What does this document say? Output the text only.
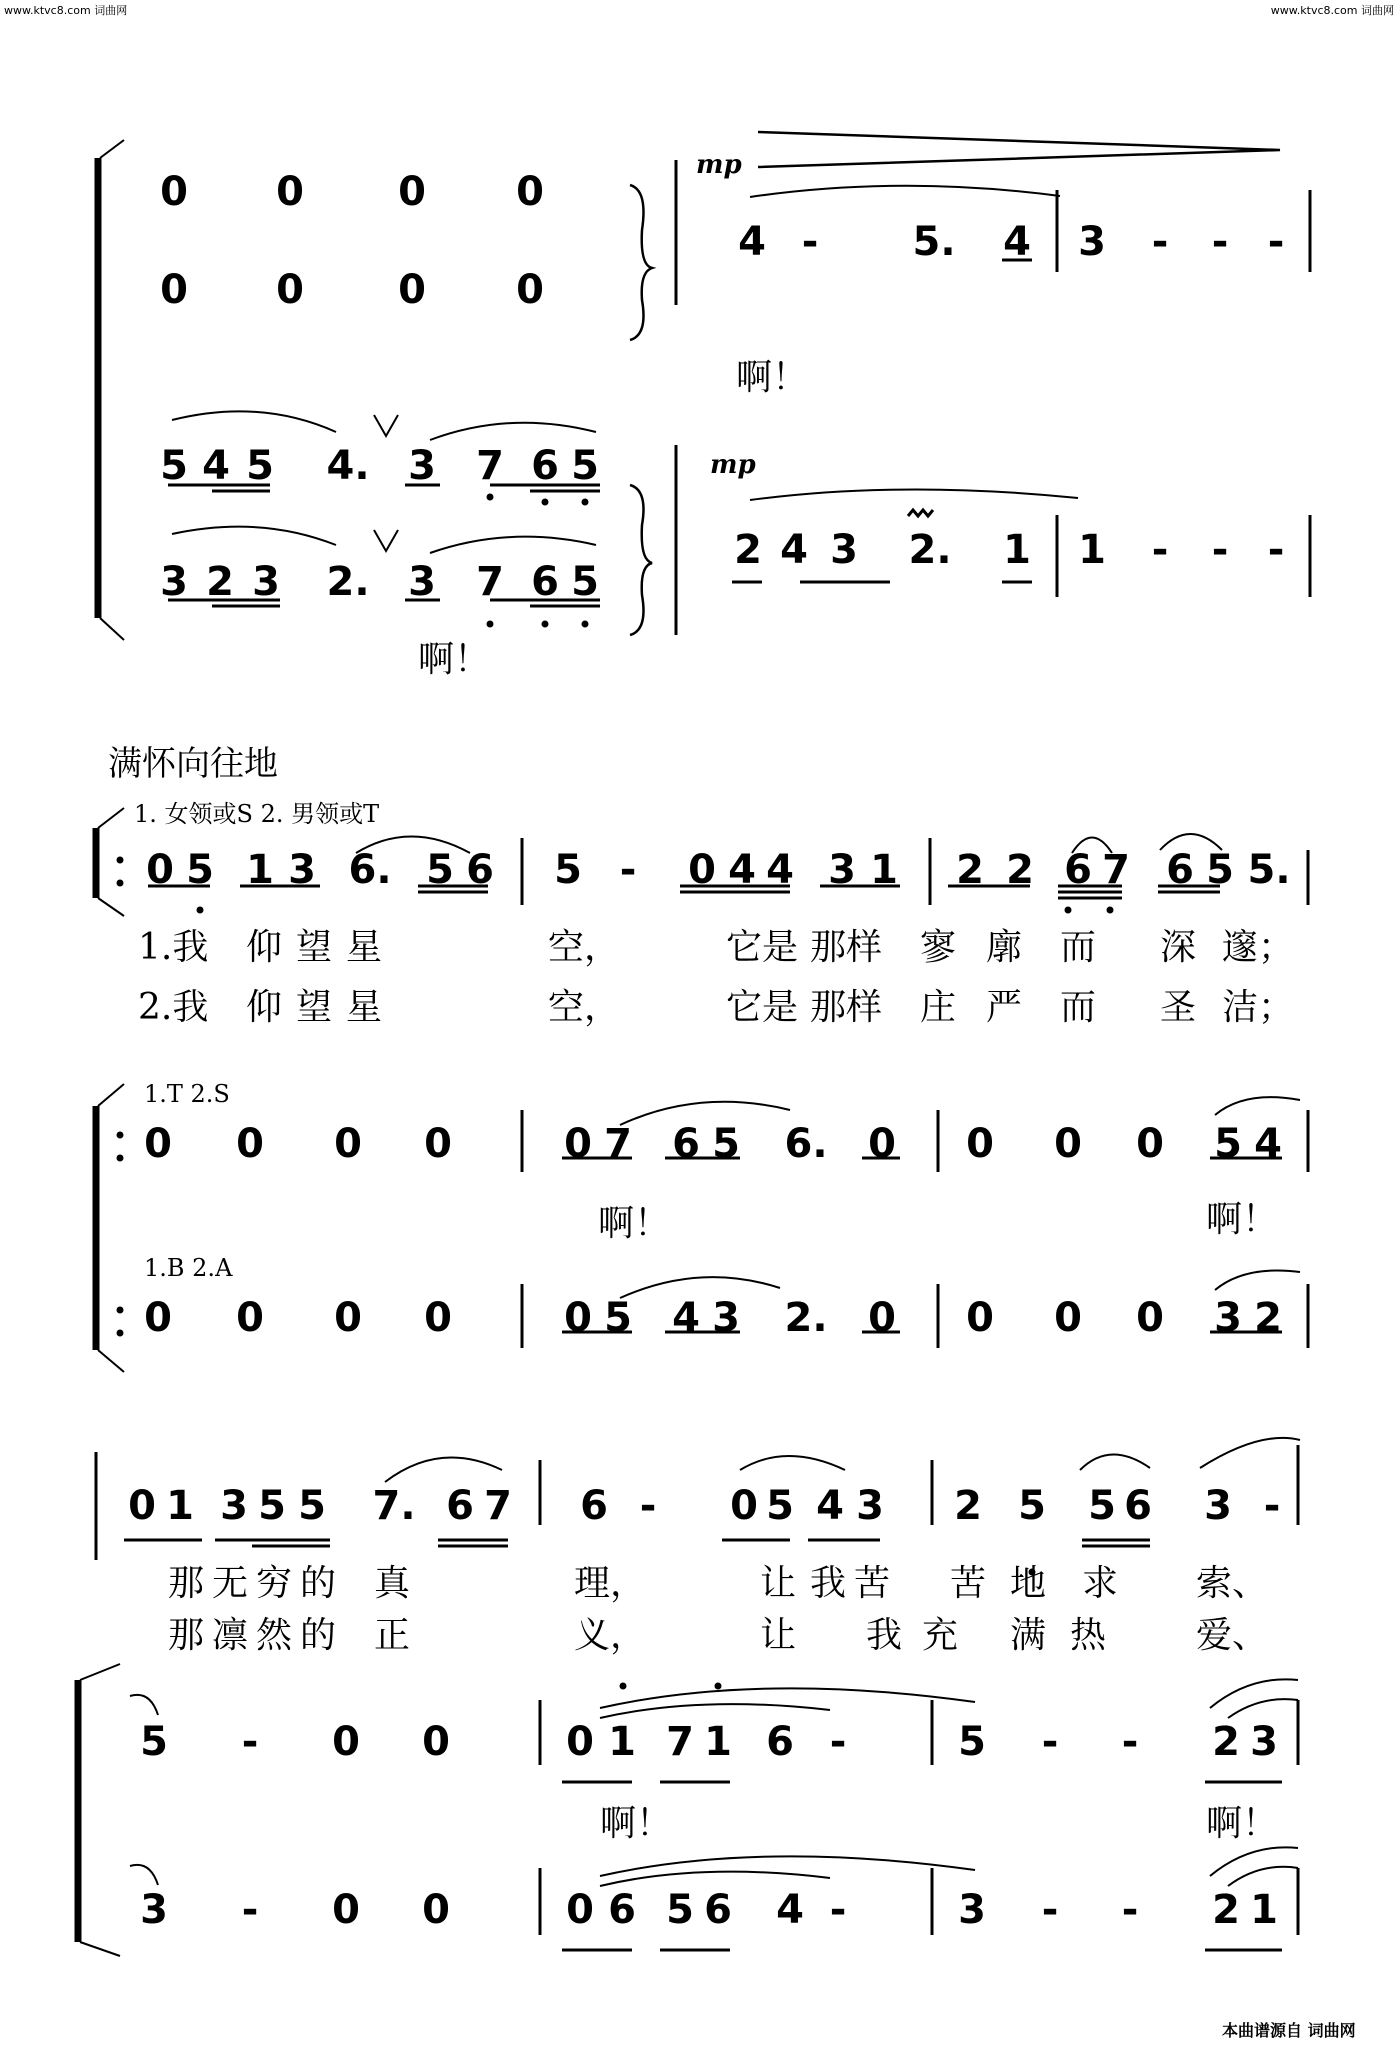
www.ktvc8.com 词曲网	www.ktvc8.com 词曲网
本曲谱源自 词曲网
0 0 0 0
0 0 0 0
mp
4 - 5. 4 3 - - -
啊！
5 4 5 4. 3 7 6 5
3 2 3 2. 3 7 6 5
啊！
mp
2 4 3 2. 1 1 - - -
满怀向往地
1. 女领或S 2. 男领或T
0 5 1 3 6. 5 6 5 - 0 4 4 3 1 2 2 6 7 6 5 5.
1.我 仰 望 星	空，	它是 那样 寥 廓 而 深 邃；
2.我 仰 望 星	空，	它是 那样 庄 严 而 圣 洁；
1.T 2.S
0 0 0 0	0 7 6 5 6. 0 0 0 0 5 4
啊！	啊！
1.B 2.A
0 0 0 0	0 5 4 3 2. 0 0 0 0 3 2
0 1 3 5 5 7. 6 7 6 - 0 5 4 3 2 5 5 6 3 -
那无穷的 真	理，	让 我苦 苦 地 求 索、
那凛然的 正	义，	让 我 充 满热 爱、
5 - 0 0	0 1 7 1 6 -	5 - - 2 3
啊！	啊！
3 - 0 0	0 6 5 6 4 -	3 - - 2 1
